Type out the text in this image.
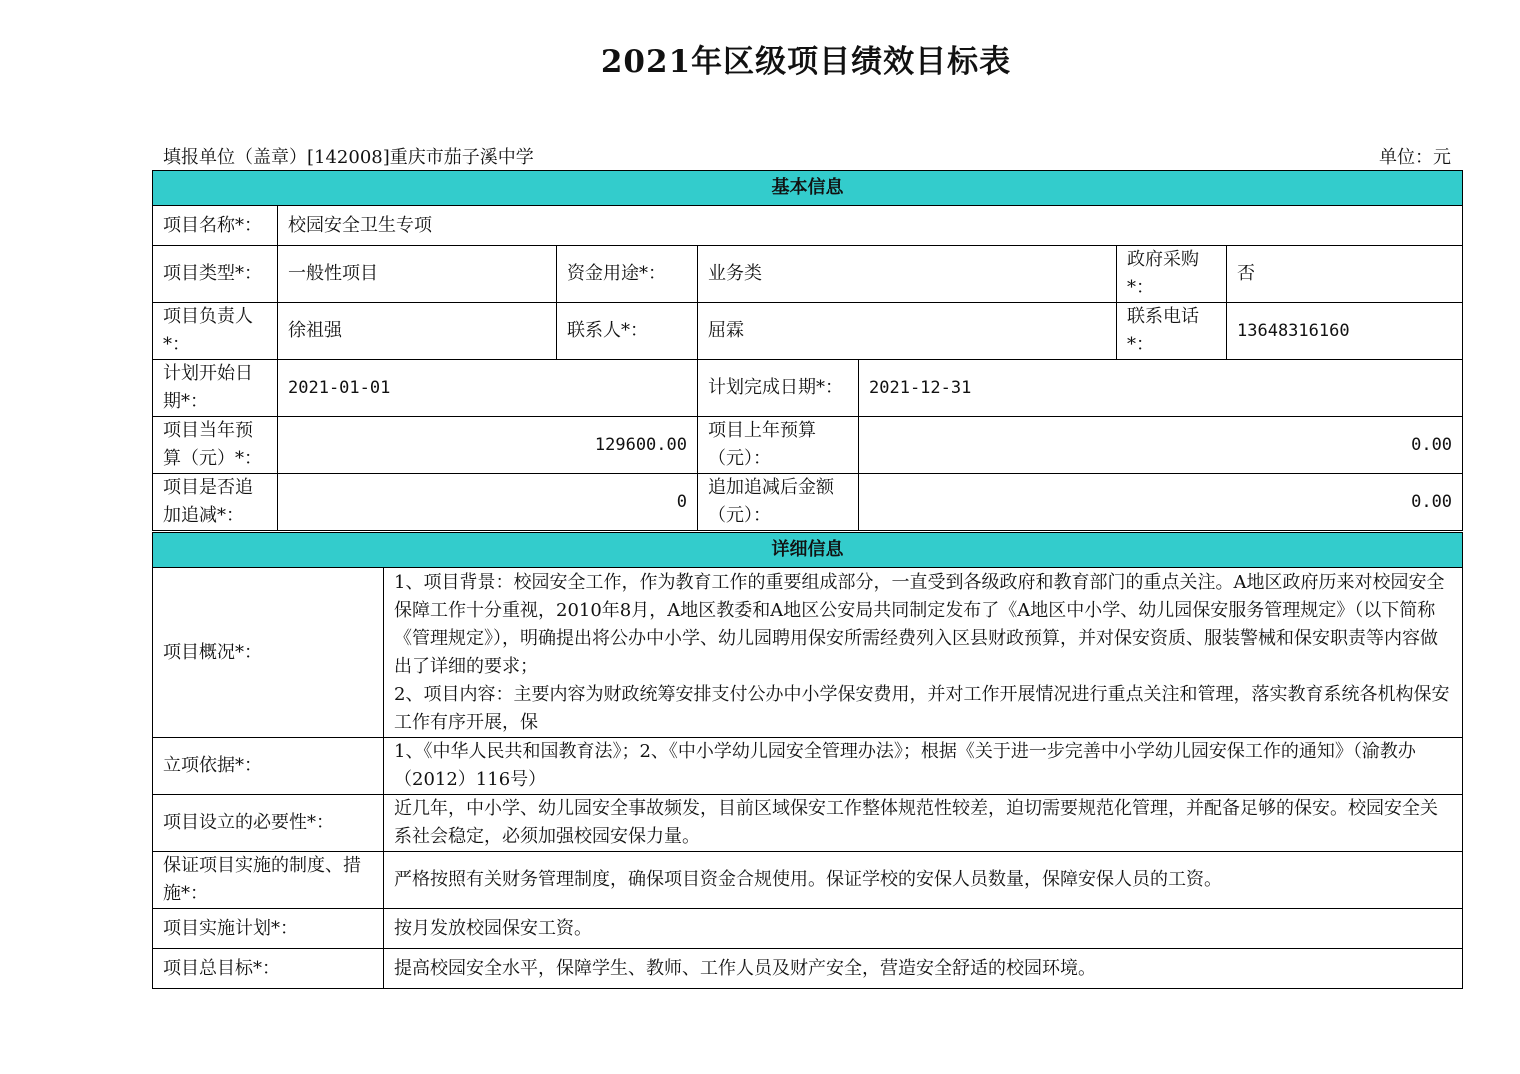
2021年区级项目绩效目标表
填报单位（盖章）[142008]重庆市茄子溪中学	单位：元
基本信息						
项目名称*：	校园安全卫生专项					
项目类型*：	一般性项目	资金用途*：	业务类		政府采购*：	否
项目负责人*：	徐祖强	联系人*：	屈霖		联系电话*：	13648316160
计划开始日期*：	2021-01-01		计划完成日期*：	2021-12-31		
项目当年预算（元）*：	129600.00		项目上年预算（元）：	0.00		
项目是否追加追减*：	0		追加追减后金额（元）：	0.00		
详细信息	
项目概况*：	1、项目背景：校园安全工作，作为教育工作的重要组成部分，一直受到各级政府和教育部门的重点关注。A地区政府历来对校园安全保障工作十分重视，2010年8月，A地区教委和A地区公安局共同制定发布了《A地区中小学、幼儿园保安服务管理规定》（以下简称《管理规定》），明确提出将公办中小学、幼儿园聘用保安所需经费列入区县财政预算，并对保安资质、服装警械和保安职责等内容做出了详细的要求；

2、项目内容：主要内容为财政统筹安排支付公办中小学保安费用，并对工作开展情况进行重点关注和管理，落实教育系统各机构保安工作有序开展，保

立项依据*：	1、《中华人民共和国教育法》；2、《中小学幼儿园安全管理办法》；根据《关于进一步完善中小学幼儿园安保工作的通知》（渝教办（2012）116号）
项目设立的必要性*：	近几年，中小学、幼儿园安全事故频发，目前区域保安工作整体规范性较差，迫切需要规范化管理，并配备足够的保安。校园安全关系社会稳定，必须加强校园安保力量。
保证项目实施的制度、措施*：	严格按照有关财务管理制度，确保项目资金合规使用。保证学校的安保人员数量，保障安保人员的工资。
项目实施计划*：	按月发放校园保安工资。
项目总目标*：	提高校园安全水平，保障学生、教师、工作人员及财产安全，营造安全舒适的校园环境。
